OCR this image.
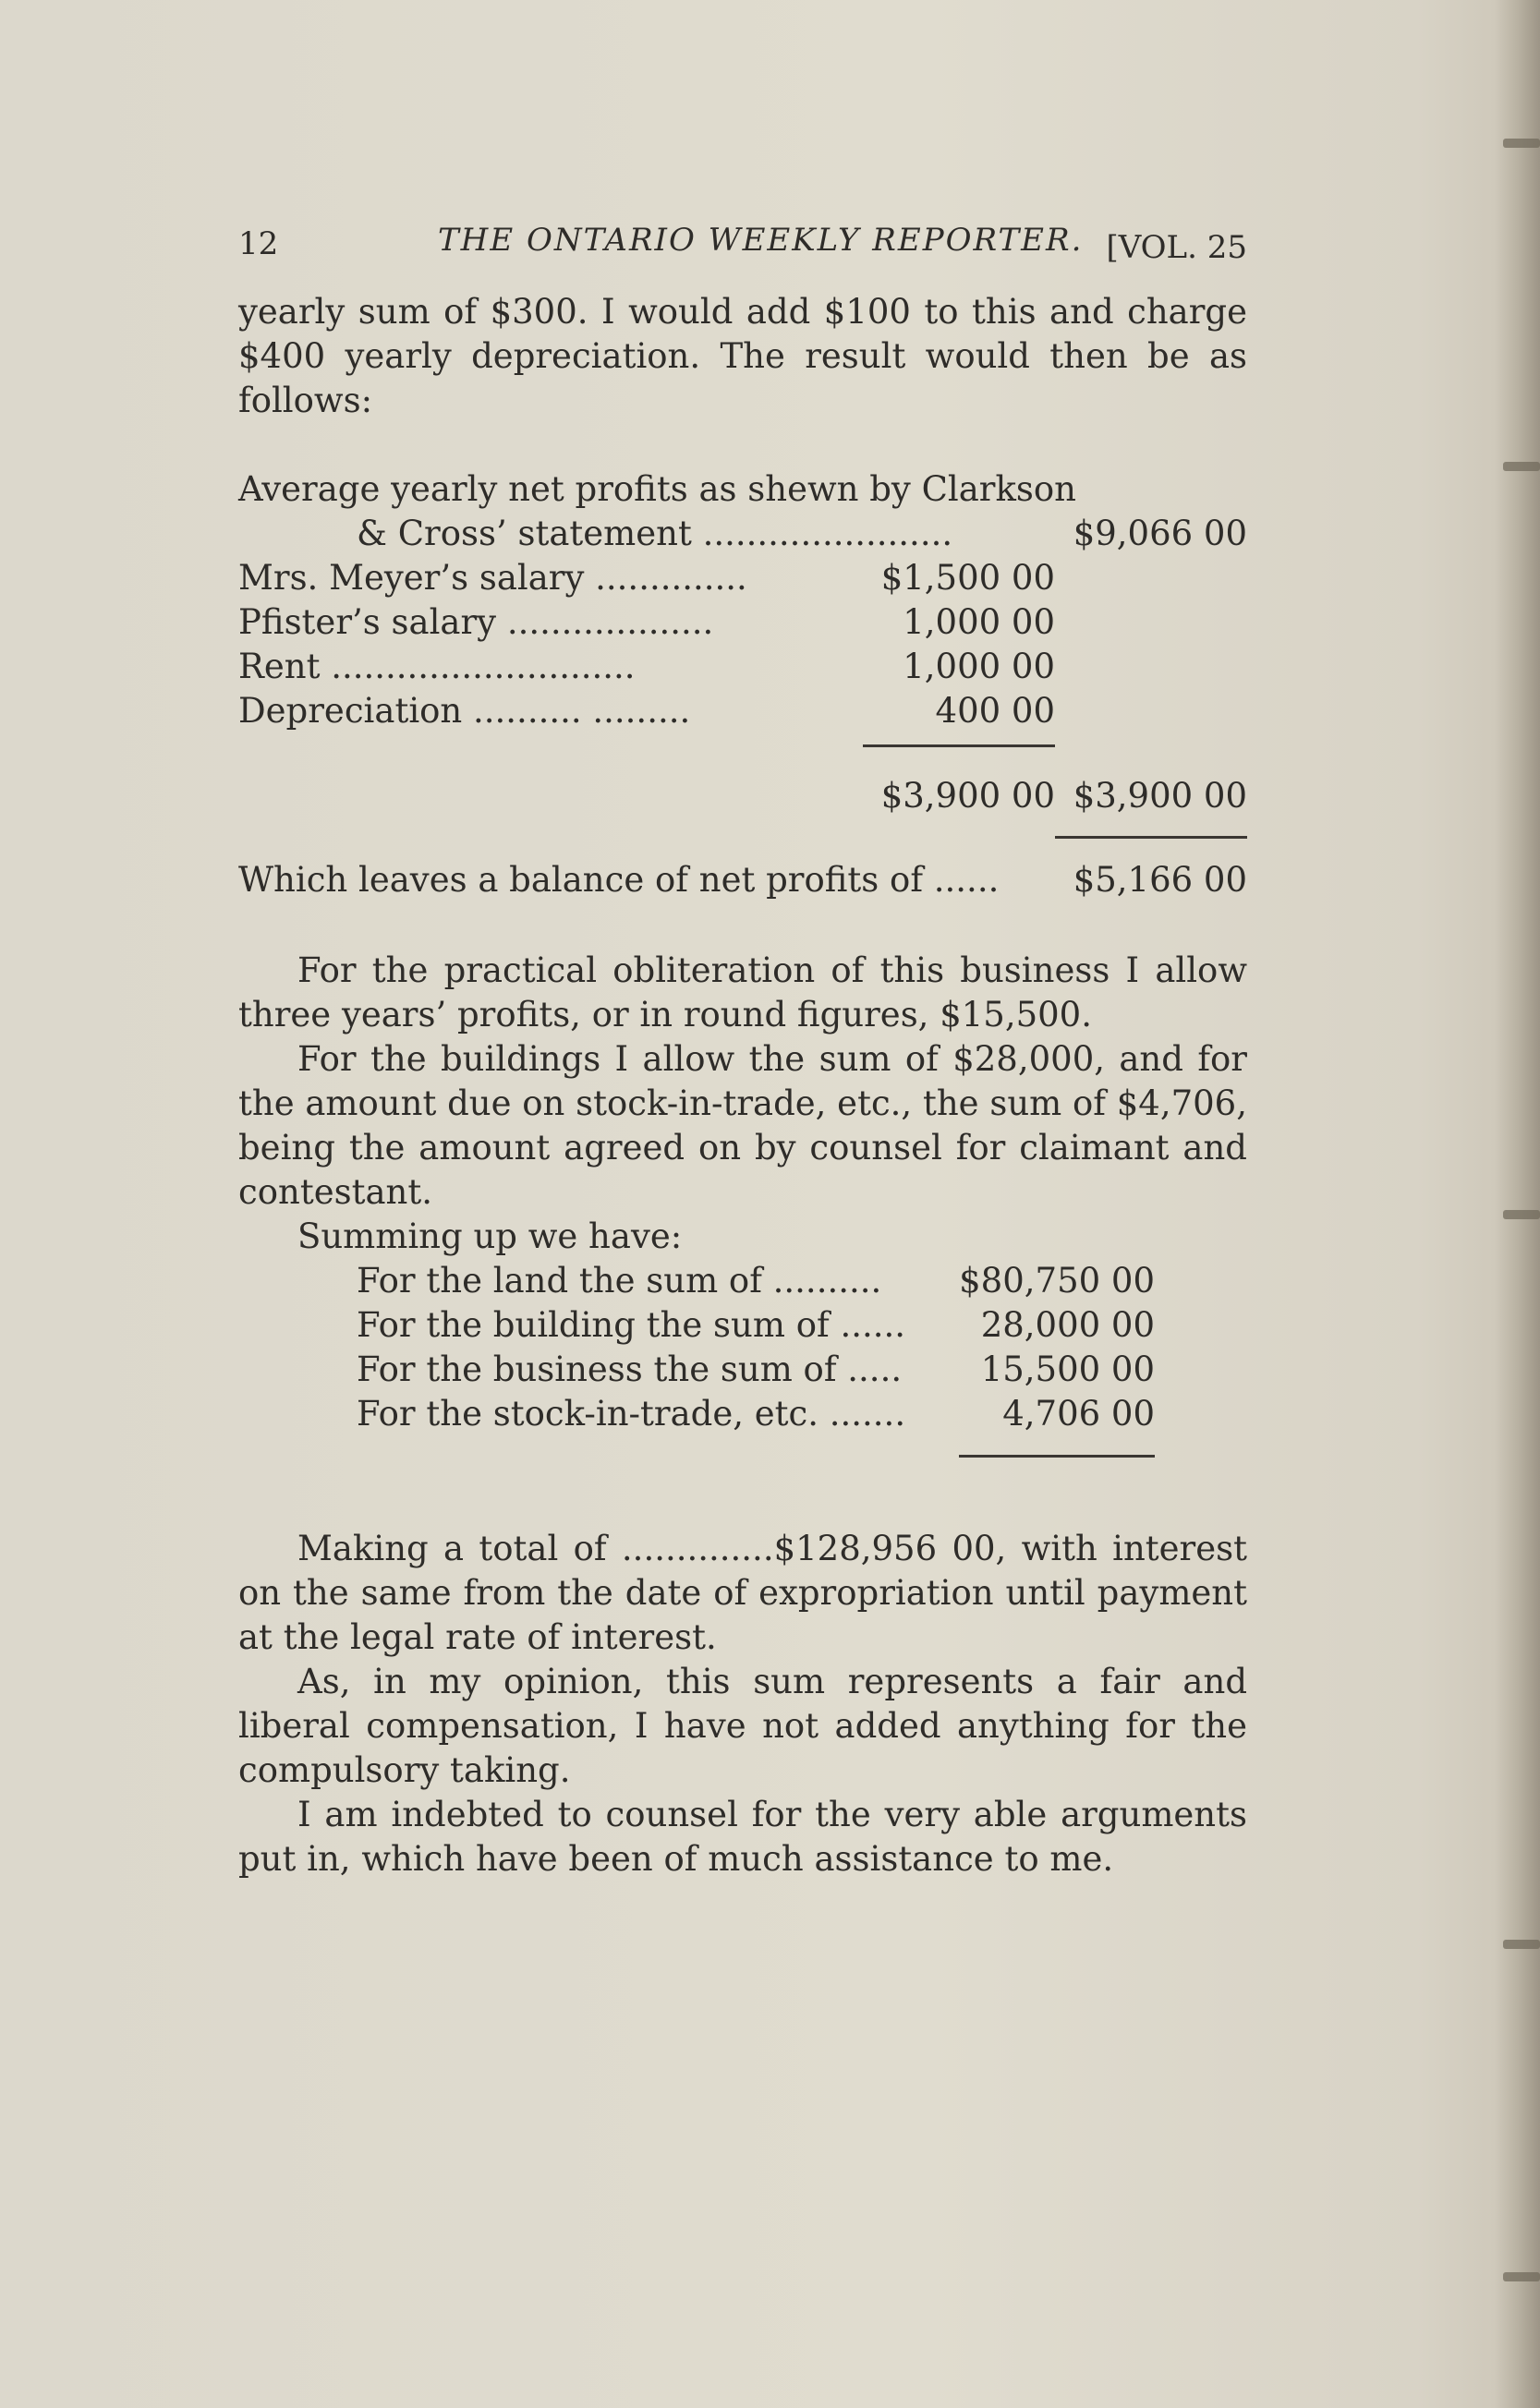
12	THE ONTARIO WEEKLY REPORTER. [VOL. 25

yearly sum of $300. I would add $100 to this and charge $400 yearly depreciation. The result would then be as follows:

Average yearly net profits as shewn by Clarkson
& Cross’ statement .......................	$9,066 00
Mrs. Meyer’s salary ..............	$1,500 00
Pfister’s salary ...................	1,000 00
Rent ............................	1,000 00
Depreciation .......... .........	400 00
$3,900 00 $3,900 00
Which leaves a balance of net profits of ...... $5,166 00

For the practical obliteration of this business I allow three years’ profits, or in round figures, $15,500.

For the buildings I allow the sum of $28,000, and for the amount due on stock-in-trade, etc., the sum of $4,706, being the amount agreed on by counsel for claimant and contestant.

Summing up we have:

For the land the sum of .......... $80,750 00
For the building the sum of ...... 28,000 00
For the business the sum of ..... 15,500 00
For the stock-in-trade, etc. .......	4,706 00

Making a total of ..............$128,956 00, with interest on the same from the date of expropriation until payment at the legal rate of interest.

As, in my opinion, this sum represents a fair and liberal compensation, I have not added anything for the compulsory taking.

I am indebted to counsel for the very able arguments put in, which have been of much assistance to me.
